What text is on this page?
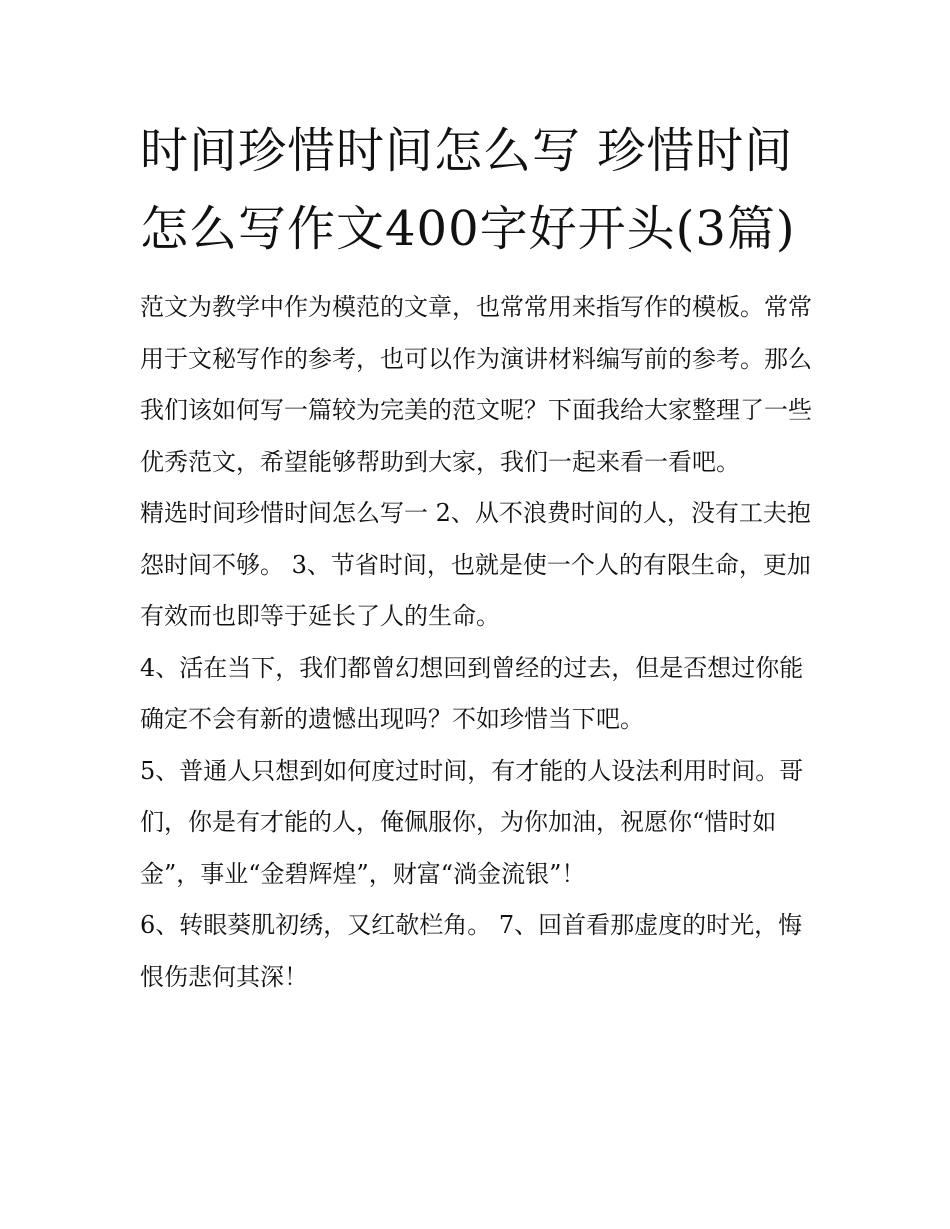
时间珍惜时间怎么写 珍惜时间怎么写作文400字好开头(3篇)

范文为教学中作为模范的文章，也常常用来指写作的模板。常常用于文秘写作的参考，也可以作为演讲材料编写前的参考。那么我们该如何写一篇较为完美的范文呢？下面我给大家整理了一些优秀范文，希望能够帮助到大家，我们一起来看一看吧。

精选时间珍惜时间怎么写一 2、从不浪费时间的人，没有工夫抱怨时间不够。 3、节省时间，也就是使一个人的有限生命，更加有效而也即等于延长了人的生命。

4、活在当下，我们都曾幻想回到曾经的过去，但是否想过你能确定不会有新的遗憾出现吗？不如珍惜当下吧。

5、普通人只想到如何度过时间，有才能的人设法利用时间。哥们，你是有才能的人，俺佩服你，为你加油，祝愿你“惜时如金”，事业“金碧辉煌”，财富“淌金流银”！

6、转眼葵肌初绣，又红欹栏角。 7、回首看那虚度的时光，悔恨伤悲何其深！
